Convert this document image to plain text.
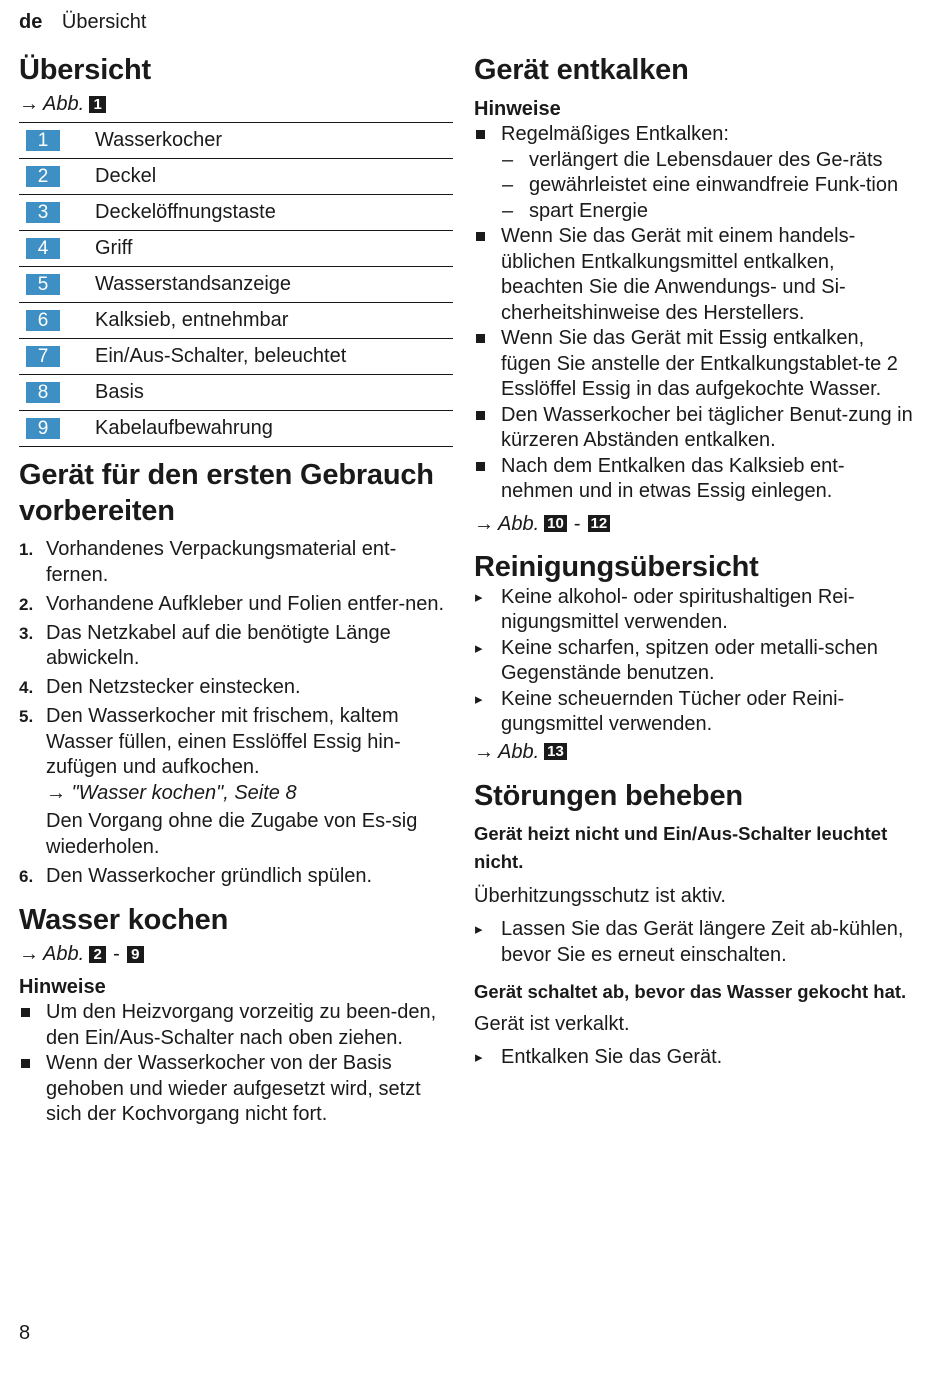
de Übersicht
Übersicht
→ Abb. 1
1	Wasserkocher
2	Deckel
3	Deckelöffnungstaste
4	Griff
5	Wasserstandsanzeige
6	Kalksieb, entnehmbar
7	Ein/Aus-Schalter, beleuchtet
8	Basis
9	Kabelaufbewahrung
Gerät für den ersten Gebrauch vorbereiten
1. Vorhandenes Verpackungsmaterial ent-fernen.
2. Vorhandene Aufkleber und Folien entfer-nen.
3. Das Netzkabel auf die benötigte Länge abwickeln.
4. Den Netzstecker einstecken.
5. Den Wasserkocher mit frischem, kaltem Wasser füllen, einen Esslöffel Essig hin-zufügen und aufkochen.

→ "Wasser kochen", Seite 8

Den Vorgang ohne die Zugabe von Es-sig wiederholen.

6. Den Wasserkocher gründlich spülen.
Wasser kochen
→ Abb. 2 - 9

Hinweise

Um den Heizvorgang vorzeitig zu been-den, den Ein/Aus-Schalter nach oben ziehen.
Wenn der Wasserkocher von der Basis gehoben und wieder aufgesetzt wird, setzt sich der Kochvorgang nicht fort.
Gerät entkalken

Hinweise

Regelmäßiges Entkalken:
– verlängert die Lebensdauer des Ge-räts
– gewährleistet eine einwandfreie Funk-tion
– spart Energie
Wenn Sie das Gerät mit einem handels-üblichen Entkalkungsmittel entkalken, beachten Sie die Anwendungs- und Si-cherheitshinweise des Herstellers.
Wenn Sie das Gerät mit Essig entkalken, fügen Sie anstelle der Entkalkungstablet-te 2 Esslöffel Essig in das aufgekochte Wasser.
Den Wasserkocher bei täglicher Benut-zung in kürzeren Abständen entkalken.
Nach dem Entkalken das Kalksieb ent-nehmen und in etwas Essig einlegen.
→ Abb. 10 - 12
Reinigungsübersicht
▸ Keine alkohol- oder spiritushaltigen Rei-nigungsmittel verwenden.
▸ Keine scharfen, spitzen oder metalli-schen Gegenstände benutzen.
▸ Keine scheuernden Tücher oder Reini-gungsmittel verwenden.
→ Abb. 13
Störungen beheben

Gerät heizt nicht und Ein/Aus-Schalter leuchtet nicht.

Überhitzungsschutz ist aktiv.

▸ Lassen Sie das Gerät längere Zeit ab-kühlen, bevor Sie es erneut einschalten.

Gerät schaltet ab, bevor das Wasser gekocht hat.

Gerät ist verkalkt.

▸ Entkalken Sie das Gerät.
8
